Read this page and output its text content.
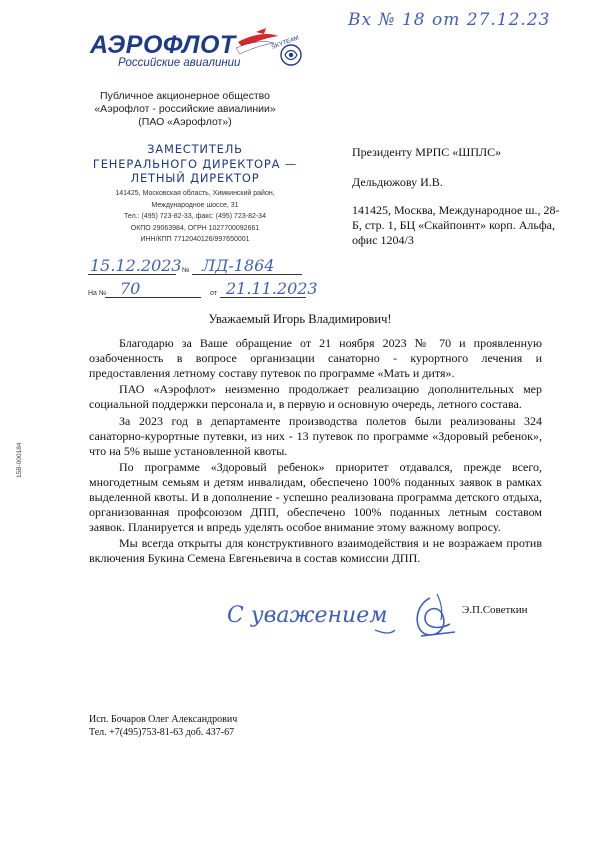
Вх № 18 от 27.12.23
АЭРОФЛОТ
Российские авиалинии
SKYTEAM
Публичное акционерное общество
«Аэрофлот - российские авиалинии»
(ПАО «Аэрофлот»)
ЗАМЕСТИТЕЛЬ
ГЕНЕРАЛЬНОГО ДИРЕКТОРА —
ЛЕТНЫЙ ДИРЕКТОР
141425, Московская область, Химкинский район,
Международное шоссе, 31
Тел.: (495) 723-82-33, факс: (495) 723-82-34
ОКПО 29063984, ОГРН 1027700092661
ИНН/КПП 7712040126/997650001
Президенту МРПС «ШПЛС»
Дельдюжову И.В.
141425, Москва, Международное ш., 28-Б, стр. 1, БЦ «Скайпоинт» корп. Альфа, офис 1204/3
15.12.2023 № ЛД-1864
На № 70	от 21.11.2023
Уважаемый Игорь Владимирович!

Благодарю за Ваше обращение от 21 ноября 2023 № 70 и проявленную озабоченность в вопросе организации санаторно - курортного лечения и предоставления летному составу путевок по программе «Мать и дитя».

ПАО «Аэрофлот» неизменно продолжает реализацию дополнительных мер социальной поддержки персонала и, в первую и основную очередь, летного состава.

За 2023 год в департаменте производства полетов были реализованы 324 санаторно-курортные путевки, из них - 13 путевок по программе «Здоровый ребенок», что на 5% выше установленной квоты.

По программе «Здоровый ребенок» приоритет отдавался, прежде всего, многодетным семьям и детям инвалидам, обеспечено 100% поданных заявок в рамках выделенной квоты. И в дополнение - успешно реализована программа детского отдыха, организованная профсоюзом ДПП, обеспечено 100% поданных летным составом заявок. Планируется и впредь уделять особое внимание этому важному вопросу.

Мы всегда открыты для конструктивного взаимодействия и не возражаем против включения Букина Семена Евгеньевича в состав комиссии ДПП.

С уважением	Э.П.Советкин
15В-000184
Исп. Бочаров Олег Александрович
Тел. +7(495)753-81-63 доб. 437-67
